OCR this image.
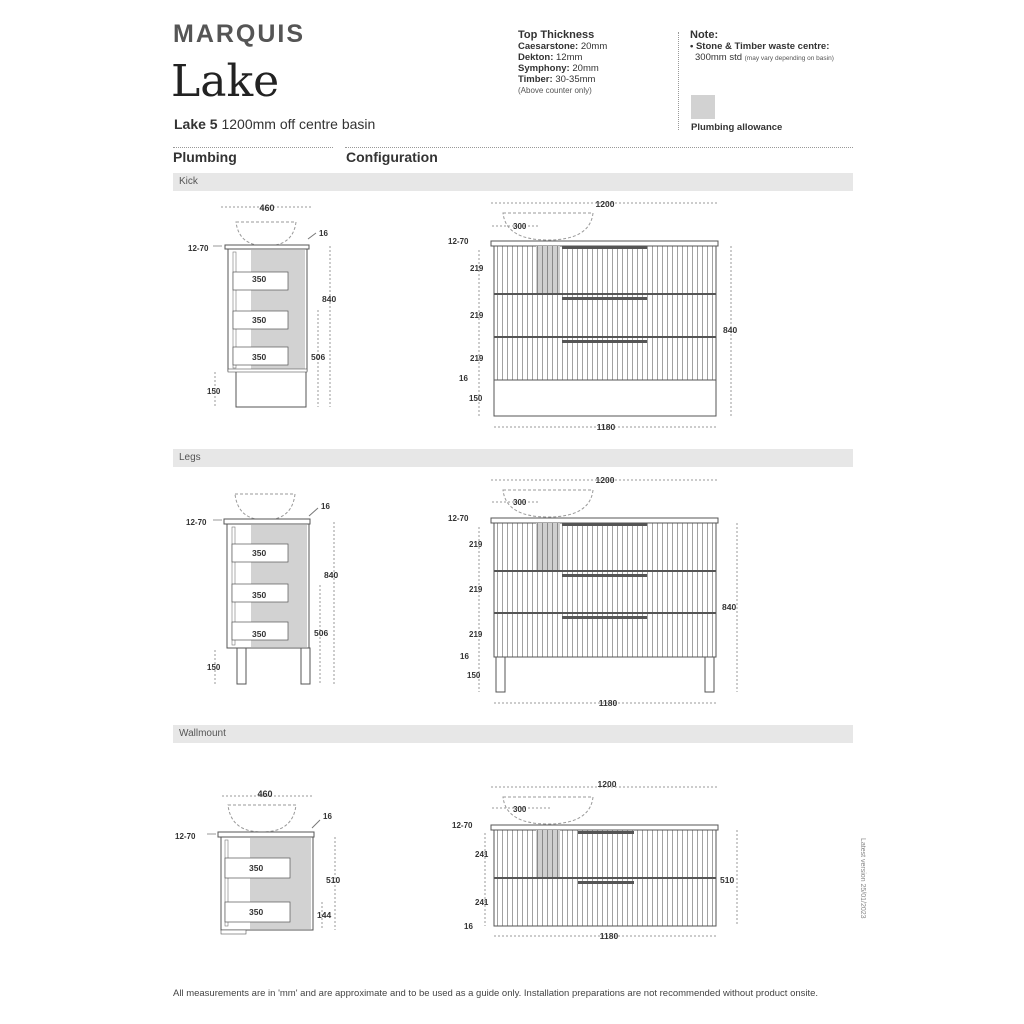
MARQUIS
Lake
Lake 5 1200mm off centre basin
Top Thickness
Caesarstone: 20mm
Dekton: 12mm
Symphony: 20mm
Timber: 30-35mm
(Above counter only)
Note:
• Stone & Timber waste centre:
300mm std (may vary depending on basin)
Plumbing allowance
Plumbing	Configuration
Kick
Legs
Wallmount
460
16
12-70
350
350
350
840
506
150
1200
300
12-70
219
219
219
16
150
840
1180
16
12-70
350
350
350
840
506
150
1200
300
12-70
219
219
219
16
150
840
1180
460
16
12-70
350
350
510
144
1200
300
12-70
241
241
16
510
1180
All measurements are in 'mm' and are approximate and to be used as a guide only. Installation preparations are not recommended without product onsite.
Latest version 25/01/2023
